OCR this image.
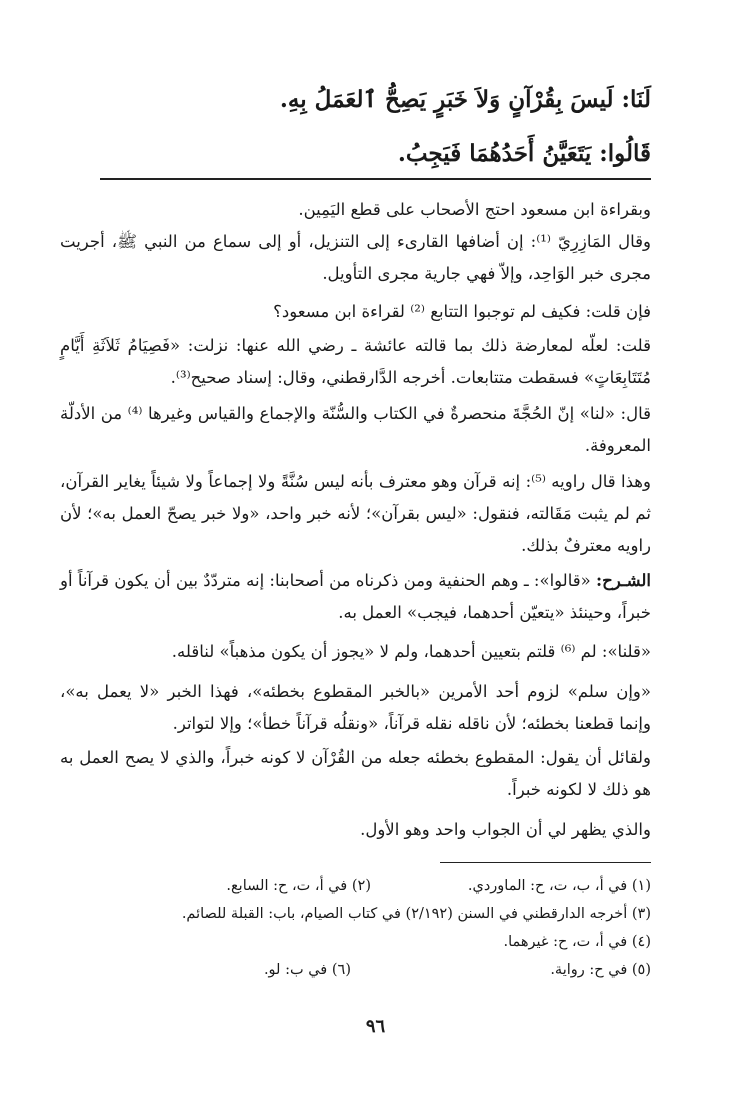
لَنَا: لَيسَ بِقُرْآنٍ وَلاَ خَبَرٍ يَصِحُّ ٱلعَمَلُ بِهِ.
قَالُوا: يَتَعَيَّنُ أَحَدُهُمَا فَيَجِبُ.

وبقراءة ابن مسعود احتج الأصحاب على قطع اليَمِين.

وقال المَازِرِيّ ⁽¹⁾: إن أضافها القارىء إلى التنزيل، أو إلى سماع من النبي ﷺ، أجريت مجرى خبر الوَاحِد، وإلاّ فهي جارية مجرى التأويل.

فإن قلت: فكيف لم توجبوا التتابع ⁽²⁾ لقراءة ابن مسعود؟

قلت: لعلّه لمعارضة ذلك بما قالته عائشة ـ رضي الله عنها: نزلت: «فَصِيَامُ ثَلاَثَةِ أَيَّامٍ مُتَتَابِعَاتٍ» فسقطت متتابعات. أخرجه الدَّارقطني، وقال: إسناد صحيح⁽³⁾.

قال: «لنا» إنّ الحُجَّةَ منحصرةٌ في الكتاب والسُّنّة والإجماع والقياس وغيرها ⁽⁴⁾ من الأدلّة المعروفة.

وهذا قال راويه ⁽⁵⁾: إنه قرآن وهو معترف بأنه ليس سُنَّةً ولا إجماعاً ولا شيئاً يغاير القرآن، ثم لم يثبت مَقَالته، فنقول: «ليس بقرآن»؛ لأنه خبر واحد، «ولا خبر يصحّ العمل به»؛ لأن راويه معترفٌ بذلك.

الشـرح: «قالوا»: ـ وهم الحنفية ومن ذكرناه من أصحابنا: إنه متردّدٌ بين أن يكون قرآناً أو خبراً، وحينئذ «يتعيّن أحدهما، فيجب» العمل به.

«قلنا»: لم ⁽⁶⁾ قلتم بتعيين أحدهما، ولم لا «يجوز أن يكون مذهباً» لناقله.

«وإن سلم» لزوم أحد الأمرين «بالخبر المقطوع بخطئه»، فهذا الخبر «لا يعمل به»، وإنما قطعنا بخطئه؛ لأن ناقله نقله قرآناً، «ونقلُه قرآناً خطأ»؛ وإلا لتواتر.

ولقائل أن يقول: المقطوع بخطئه جعله من القُرْآن لا كونه خبراً، والذي لا يصح العمل به هو ذلك لا لكونه خبراً.

والذي يظهر لي أن الجواب واحد وهو الأول.

(١) في أ، ب، ت، ح: الماوردي.
(٢) في أ، ت، ح: السابع.
(٣) أخرجه الدارقطني في السنن (٢/١٩٢) في كتاب الصيام، باب: القبلة للصائم.
(٤) في أ، ت، ح: غيرهما.
(٥) في ح: رواية.
(٦) في ب: لو.
٩٦
